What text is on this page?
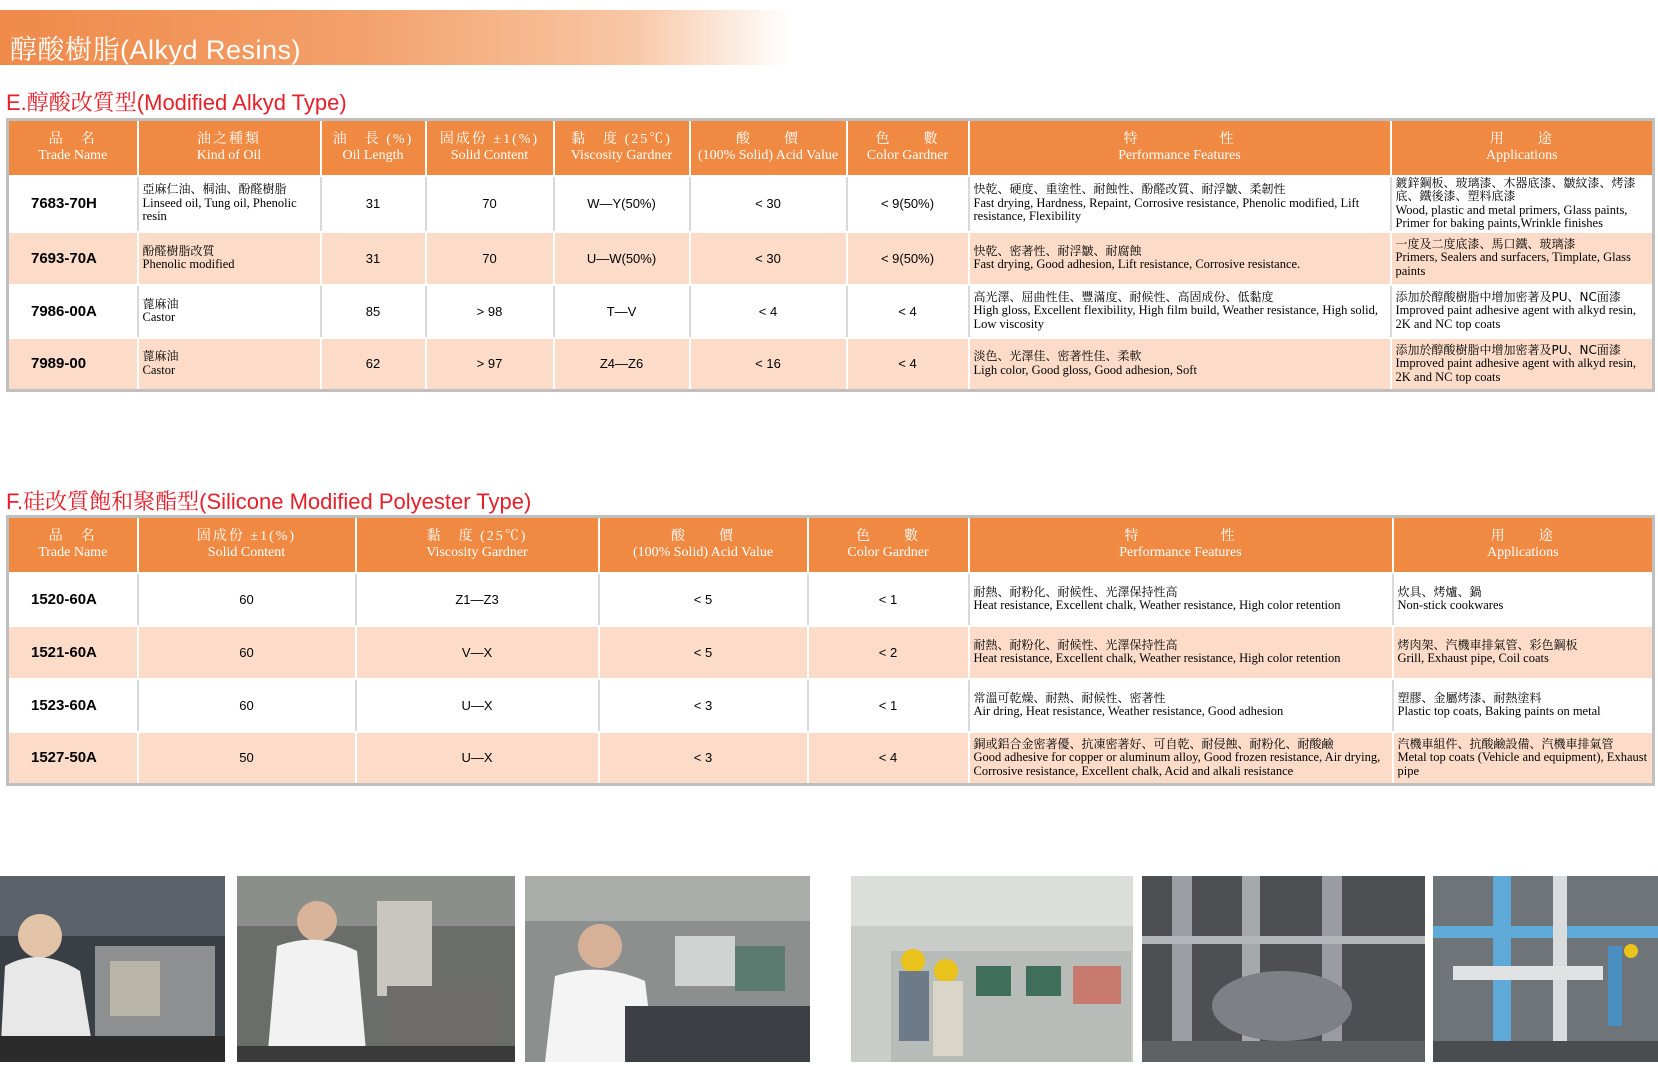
醇酸樹脂(Alkyd Resins)
E.醇酸改質型(Modified Alkyd Type)
品　名
Trade Name	油之種類
Kind of Oil	油　長 (%)
Oil Length	固成份 ±1(%)
Solid Content	黏　度 (25℃)
Viscosity Gardner	酸　　價
(100% Solid) Acid Value	色　　數
Color Gardner	特　　　　　性
Performance Features	用　　途
Applications

7683-70H	亞麻仁油、桐油、酚醛樹脂
Linseed oil, Tung oil, Phenolic resin	31	70	W—Y(50%)	< 30	< 9(50%)	快乾、硬度、重塗性、耐蝕性、酚醛改質、耐浮皺、柔韌性
Fast drying, Hardness, Repaint, Corrosive resistance, Phenolic modified, Lift resistance, Flexibility	鍍鋅鋼板、玻璃漆、木器底漆、皺紋漆、烤漆底、鐵後漆、塑料底漆
Wood, plastic and metal primers, Glass paints, Primer for baking paints,Wrinkle finishes

7693-70A	酚醛樹脂改質
Phenolic modified	31	70	U—W(50%)	< 30	< 9(50%)	快乾、密著性、耐浮皺、耐腐蝕
Fast drying, Good adhesion, Lift resistance, Corrosive resistance.	一度及二度底漆、馬口鐵、玻璃漆
Primers, Sealers and surfacers, Timplate, Glass paints

7986-00A	蓖麻油
Castor	85	> 98	T—V	< 4	< 4	高光澤、屈曲性佳、豐滿度、耐候性、高固成份、低黏度
High gloss, Excellent flexibility, High film build, Weather resistance, High solid, Low viscosity	添加於醇酸樹脂中增加密著及PU、NC面漆
Improved paint adhesive agent with alkyd resin, 2K and NC top coats

7989-00	蓖麻油
Castor	62	> 97	Z4—Z6	< 16	< 4	淡色、光澤佳、密著性佳、柔軟
Ligh color, Good gloss, Good adhesion, Soft	添加於醇酸樹脂中增加密著及PU、NC面漆
Improved paint adhesive agent with alkyd resin, 2K and NC top coats
F.硅改質飽和聚酯型(Silicone Modified Polyester Type)
品　名
Trade Name	固成份 ±1(%)
Solid Content	黏　度 (25℃)
Viscosity Gardner	酸　　價
(100% Solid) Acid Value	色　　數
Color Gardner	特　　　　　性
Performance Features	用　　途
Applications

1520-60A	60	Z1—Z3	< 5	< 1	耐熱、耐粉化、耐候性、光澤保持性高
Heat resistance, Excellent chalk, Weather resistance, High color retention	炊具、烤爐、鍋
Non-stick cookwares

1521-60A	60	V—X	< 5	< 2	耐熱、耐粉化、耐候性、光澤保持性高
Heat resistance, Excellent chalk, Weather resistance, High color retention	烤肉架、汽機車排氣管、彩色鋼板
Grill, Exhaust pipe, Coil coats

1523-60A	60	U—X	< 3	< 1	常溫可乾燥、耐熱、耐候性、密著性
Air dring, Heat resistance, Weather resistance, Good adhesion	塑膠、金屬烤漆、耐熱塗料
Plastic top coats, Baking paints on metal

1527-50A	50	U—X	< 3	< 4	銅或鋁合金密著優、抗凍密著好、可自乾、耐侵蝕、耐粉化、耐酸鹼
Good adhesive for copper or aluminum alloy, Good frozen resistance, Air drying, Corrosive resistance, Excellent chalk, Acid and alkali resistance	汽機車組件、抗酸鹼設備、汽機車排氣管
Metal top coats (Vehicle and equipment), Exhaust pipe
